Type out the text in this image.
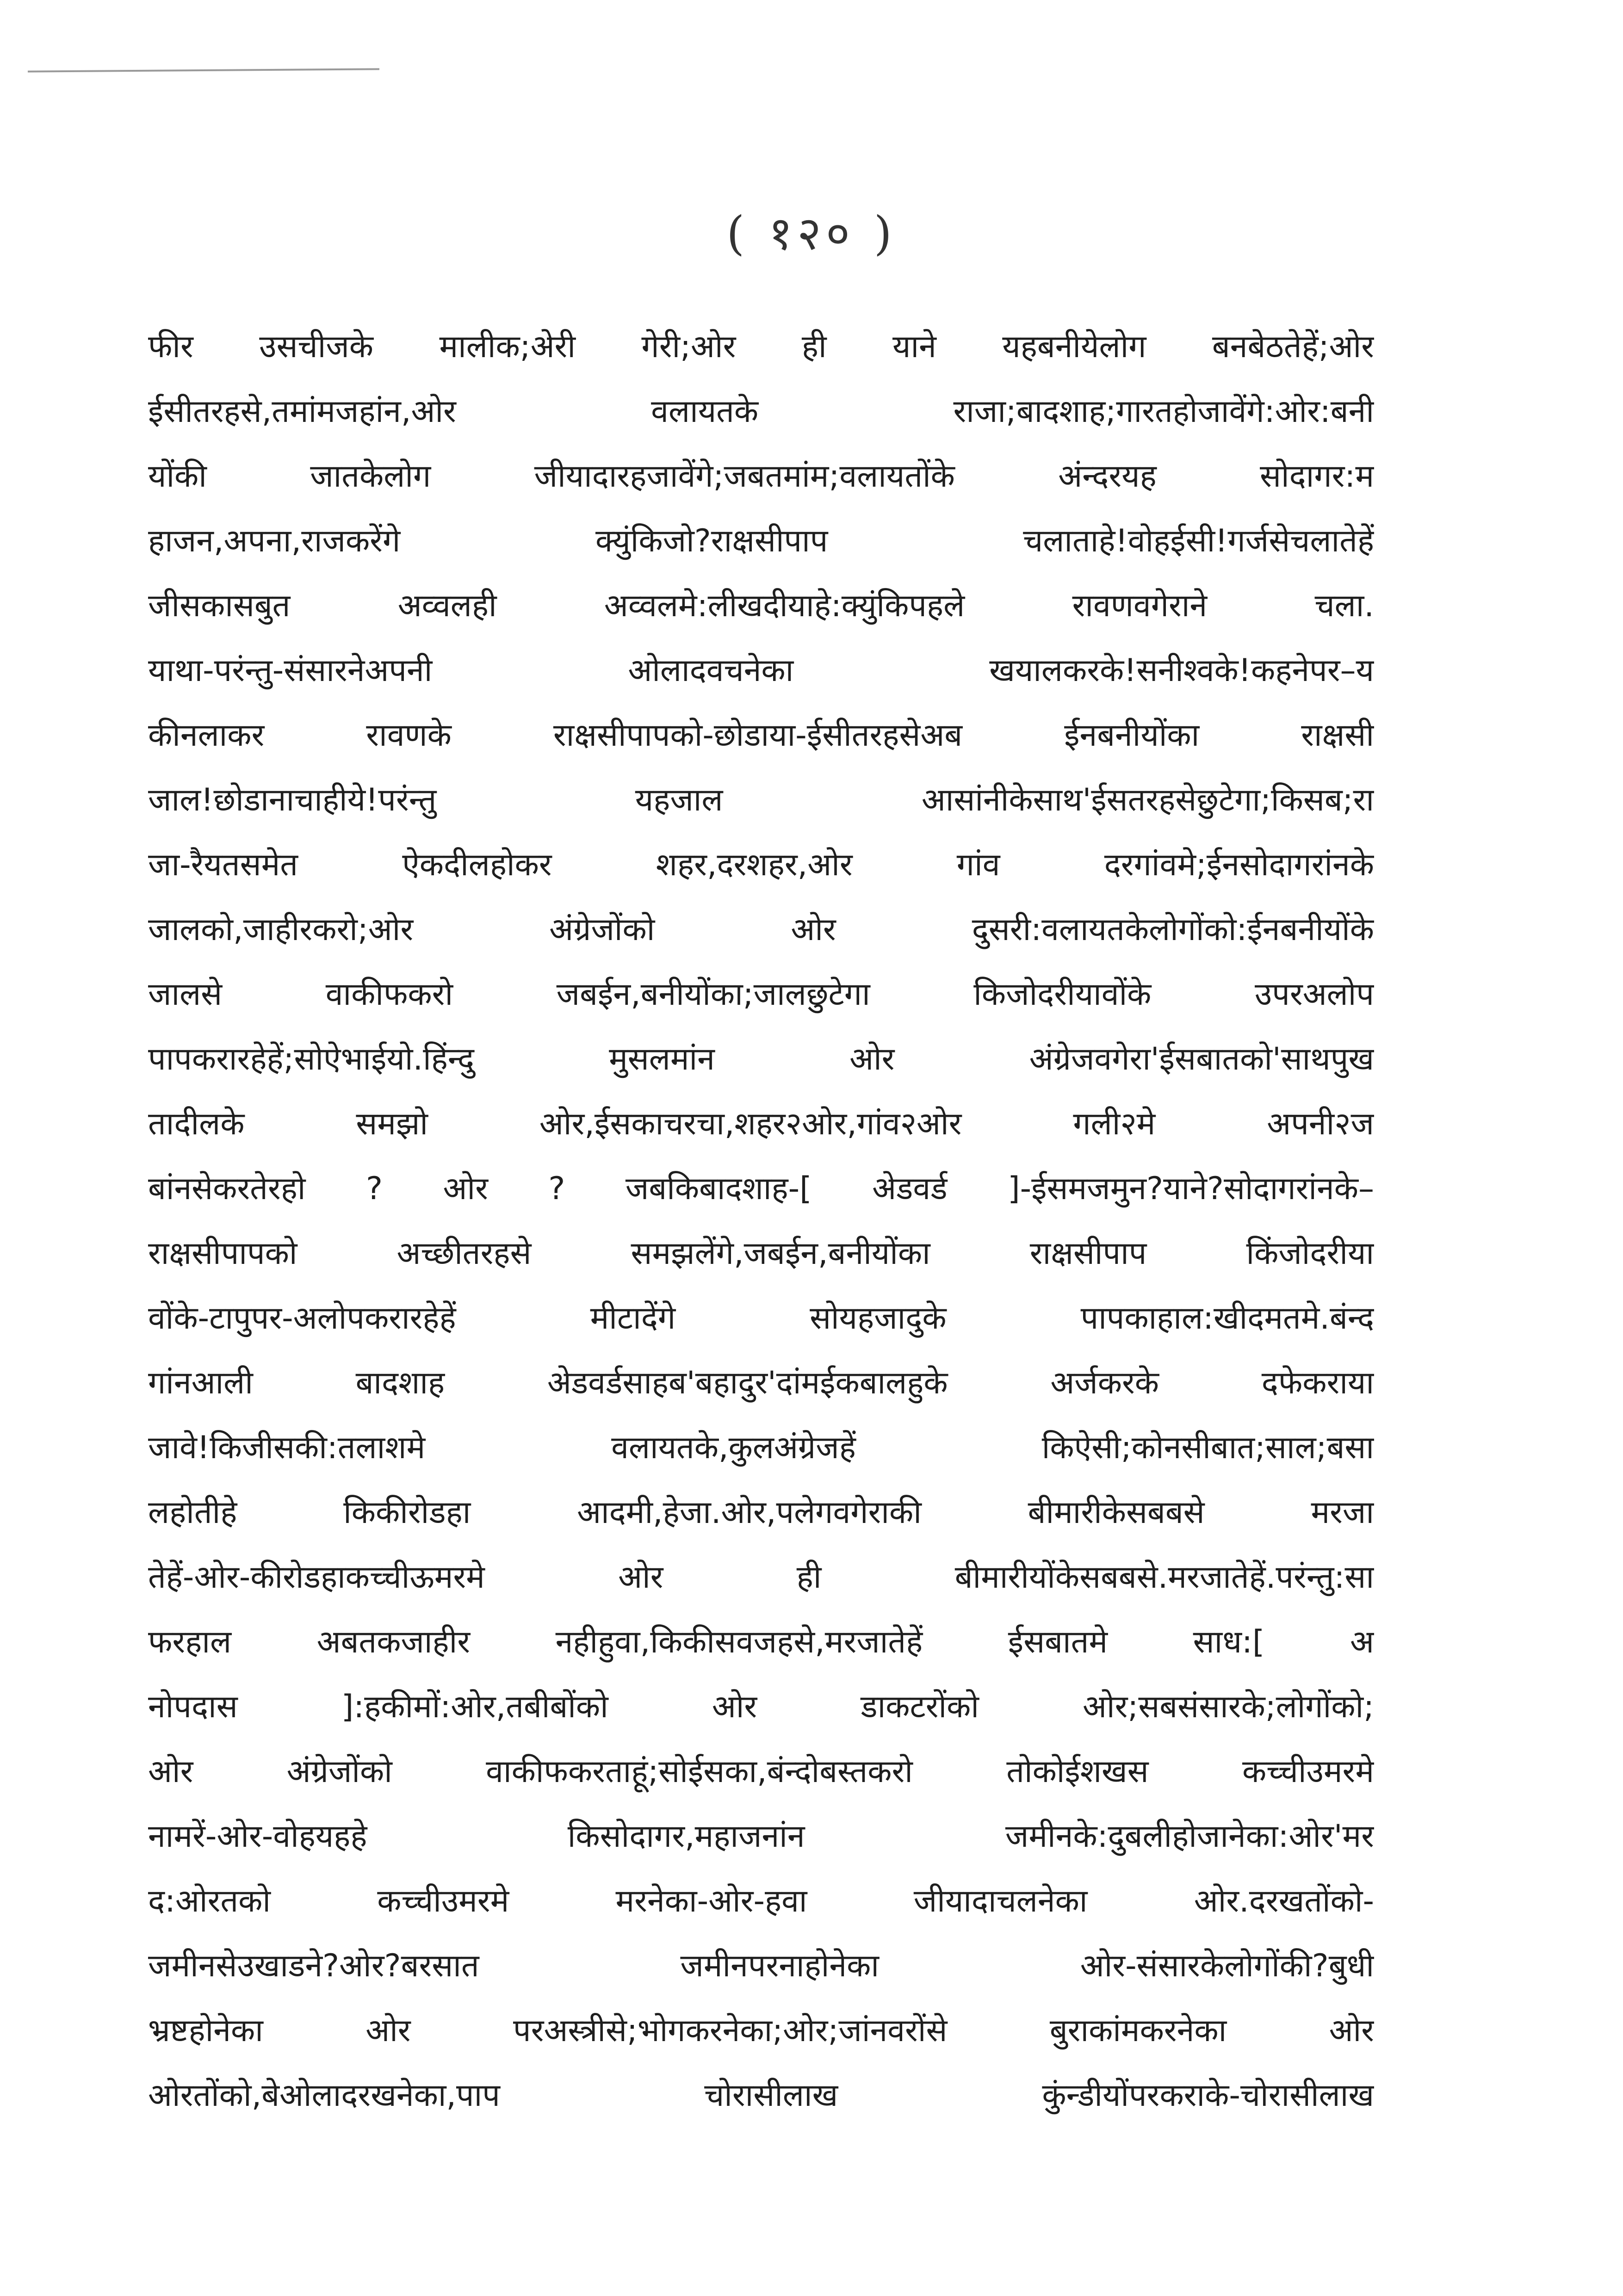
( १२० )
फीर उसचीजके मालीक;अेरी गेरी;ओर ही याने यहबनीयेलोग बनबेठतेहें;ओर
ईसीतरहसे,तमांमजहांन,ओर वलायतके राजा;बादशाह;गारतहोजावेंगे:ओर:बनी
योंकी जातकेलोग जीयादारहजावेंगे;जबतमांम;वलायतोंके अंन्दरयह सोदागर:म
हाजन,अपना,राजकरेंगे क्युंकिजो?राक्षसीपाप चलाताहे!वोहईसी!गर्जसेचलातेहें
जीसकासबुत अव्वलही अव्वलमे:लीखदीयाहे:क्युंकिपहले रावणवगेराने चला.
याथा-परंन्तु-संसारनेअपनी ओलादवचनेका खयालकरके!सनीश्वके!कहनेपर–य
कीनलाकर रावणके राक्षसीपापको-छोडाया-ईसीतरहसेअब ईनबनीयोंका राक्षसी
जाल!छोडानाचाहीये!परंन्तु यहजाल आसांनीकेसाथ'ईसतरहसेछुटेगा;किसब;रा
जा-रैयतसमेत ऐकदीलहोकर शहर,दरशहर,ओर गांव दरगांवमे;ईनसोदागरांनके
जालको,जाहीरकरो;ओर अंग्रेजोंको ओर दुसरी:वलायतकेलोगोंको:ईनबनीयोंके
जालसे वाकीफकरो जबईन,बनीयोंका;जालछुटेगा किजोदरीयावोंके उपरअलोप
पापकरारहेहें;सोऐभाईयो.हिंन्दु मुसलमांन ओर अंग्रेजवगेरा'ईसबातको'साथपुख
तादीलके समझो ओर,ईसकाचरचा,शहर२ओर,गांव२ओर गली२मे अपनी२ज
बांनसेकरतेरहो ? ओर ? जबकिबादशाह-[ अेडवर्ड ]-ईसमजमुन?याने?सोदागरांनके–
राक्षसीपापको अच्छीतरहसे समझलेंगे,जबईन,बनीयोंका राक्षसीपाप किंजोदरीया
वोंके-टापुपर-अलोपकरारहेहें मीटादेंगे सोयहजादुके पापकाहाल:खीदमतमे.बंन्द
गांनआली बादशाह अेडवर्डसाहब'बहादुर'दांमईकबालहुके अर्जकरके दफेकराया
जावे!किजीसकी:तलाशमे वलायतके,कुलअंग्रेजहें किऐसी;कोनसीबात;साल;बसा
लहोतीहे किकीरोडहा आदमी,हेजा.ओर,पलेगवगेराकी बीमारीकेसबबसे मरजा
तेहें-ओर-कीरोडहाकच्चीऊमरमे ओर ही बीमारीयोंकेसबबसे.मरजातेहें.परंन्तु:सा
फरहाल अबतकजाहीर नहीहुवा,किकीसवजहसे,मरजातेहें ईसबातमे साध:[ अ
नोपदास ]:हकीमों:ओर,तबीबोंको ओर डाकटरोंको ओर;सबसंसारके;लोगोंको;
ओर अंग्रेजोंको वाकीफकरताहूं;सोईसका,बंन्दोबस्तकरो तोकोईशखस कच्चीउमरमे
नामरें-ओर-वोहयहहे किसोदागर,महाजनांन जमीनके:दुबलीहोजानेका:ओर'मर
द:ओरतको कच्चीउमरमे मरनेका-ओर-हवा जीयादाचलनेका ओर.दरखतोंको-
जमीनसेउखाडने?ओर?बरसात जमीनपरनाहोनेका ओर-संसारकेलोगोंकी?बुधी
भ्रष्टहोनेका ओर परअस्त्रीसे;भोगकरनेका;ओर;जांनवरोंसे बुराकांमकरनेका ओर
ओरतोंको,बेओलादरखनेका,पाप चोरासीलाख कुंन्डीयोंपरकराके-चोरासीलाख
